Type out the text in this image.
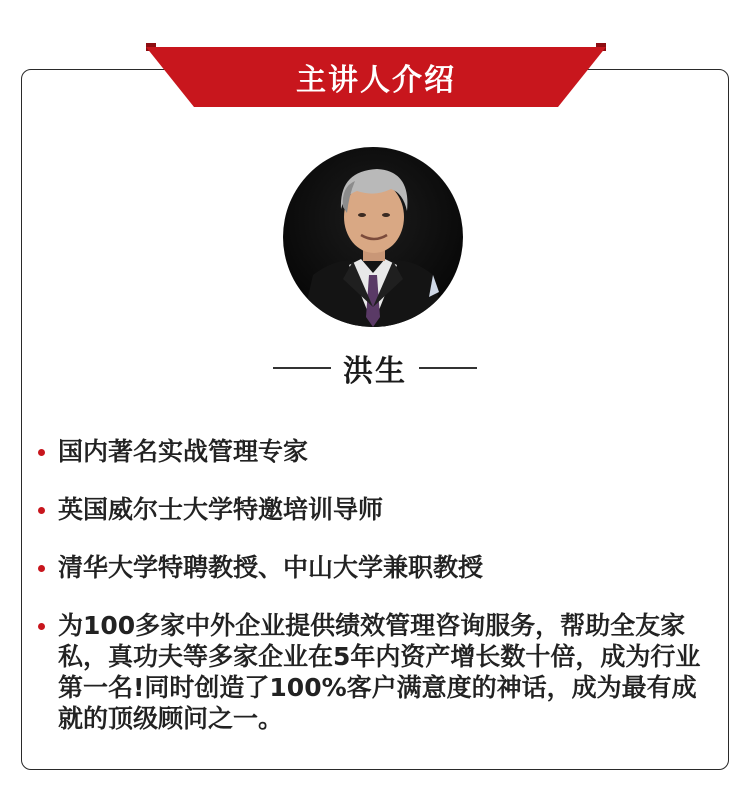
主讲人介绍
洪生
国内著名实战管理专家
英国威尔士大学特邀培训导师
清华大学特聘教授、中山大学兼职教授
为100多家中外企业提供绩效管理咨询服务，帮助全友家私，真功夫等多家企业在5年内资产增长数十倍，成为行业第一名!同时创造了100%客户满意度的神话，成为最有成就的顶级顾问之一。
